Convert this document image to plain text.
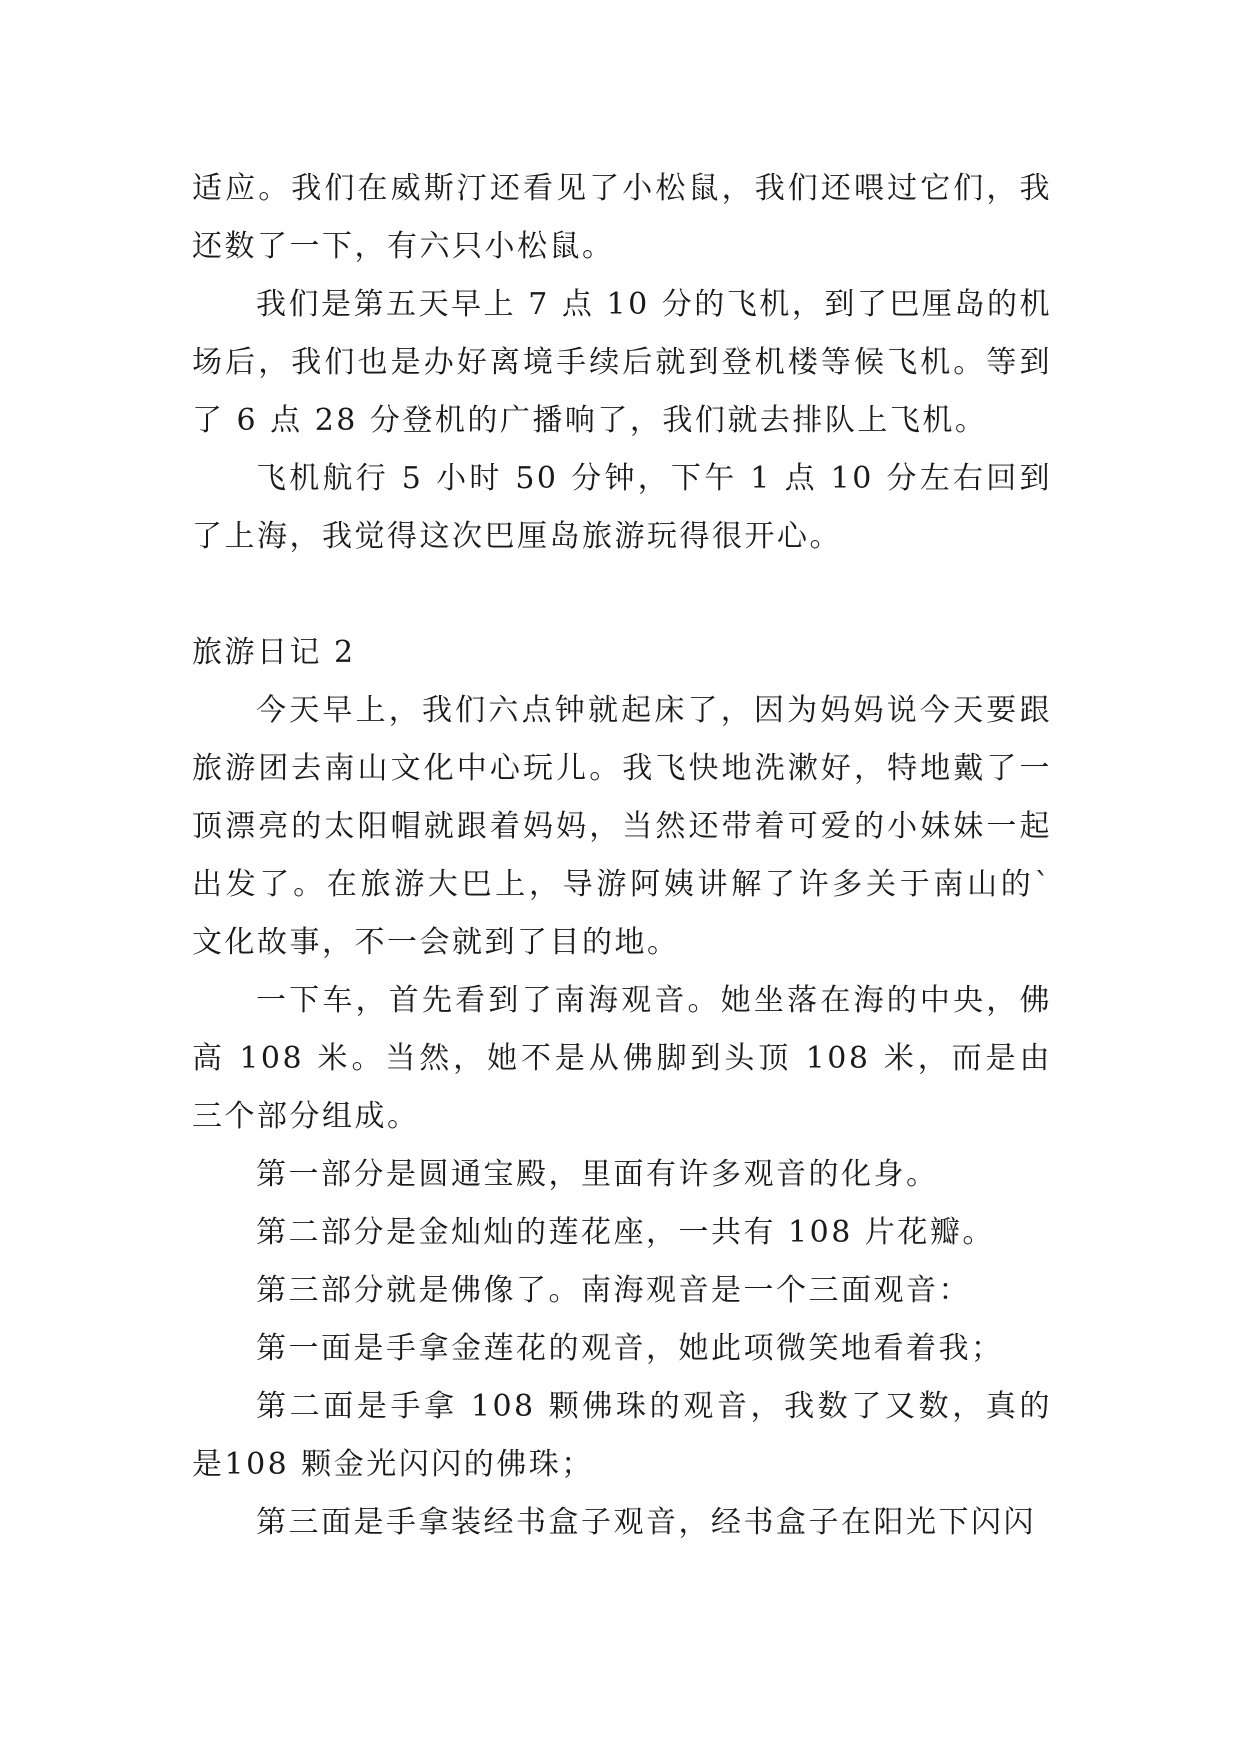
适应。我们在威斯汀还看见了小松鼠，我们还喂过它们，我还数了一下，有六只小松鼠。

我们是第五天早上 7 点 10 分的飞机，到了巴厘岛的机场后，我们也是办好离境手续后就到登机楼等候飞机。等到了 6 点 28 分登机的广播响了，我们就去排队上飞机。

飞机航行 5 小时 50 分钟，下午 1 点 10 分左右回到了上海，我觉得这次巴厘岛旅游玩得很开心。

旅游日记 2

今天早上，我们六点钟就起床了，因为妈妈说今天要跟旅游团去南山文化中心玩儿。我飞快地洗漱好，特地戴了一顶漂亮的太阳帽就跟着妈妈，当然还带着可爱的小妹妹一起出发了。在旅游大巴上，导游阿姨讲解了许多关于南山的`文化故事，不一会就到了目的地。

一下车，首先看到了南海观音。她坐落在海的中央，佛高 108 米。当然，她不是从佛脚到头顶 108 米，而是由三个部分组成。

第一部分是圆通宝殿，里面有许多观音的化身。

第二部分是金灿灿的莲花座，一共有 108 片花瓣。

第三部分就是佛像了。南海观音是一个三面观音：

第一面是手拿金莲花的观音，她此项微笑地看着我；

第二面是手拿 108 颗佛珠的观音，我数了又数，真的是108 颗金光闪闪的佛珠；

第三面是手拿装经书盒子观音，经书盒子在阳光下闪闪
